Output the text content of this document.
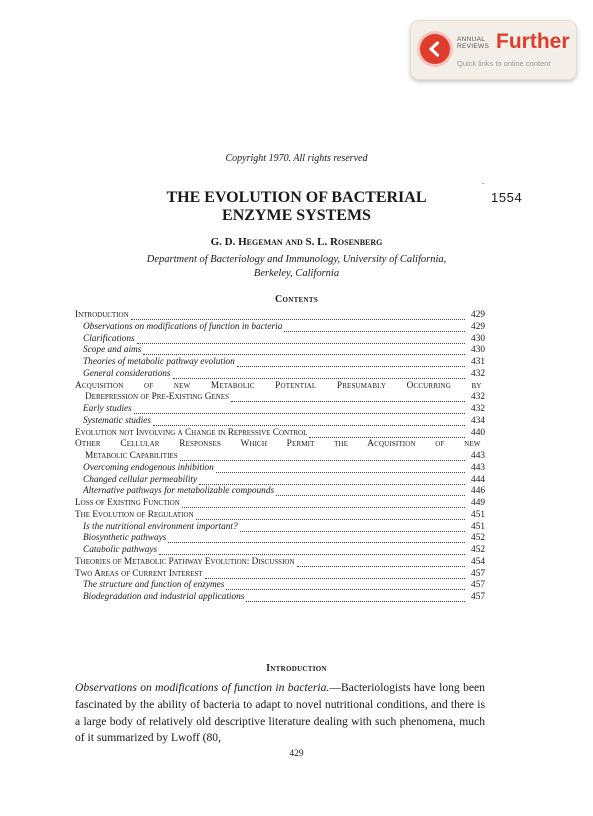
ANNUAL
REVIEWS Further
Quick links to online content
Copyright 1970. All rights reserved
-
1554
THE EVOLUTION OF BACTERIAL

ENZYME SYSTEMS
G. D. Hegeman and S. L. Rosenberg
Department of Bacteriology and Immunology, University of California,
Berkeley, California
Contents
Introduction	429
Observations on modifications of function in bacteria	429
Clarifications	430
Scope and aims	430
Theories of metabolic pathway evolution	431
General considerations	432
Acquisition of new Metabolic Potential Presumably Occurring by
Derepression of Pre-Existing Genes	432
Early studies	432
Systematic studies	434
Evolution not Involving a Change in Repressive Control	440
Other Cellular Responses Which Permit the Acquisition of new
Metabolic Capabilities	443
Overcoming endogenous inhibition	443
Changed cellular permeability	444
Alternative pathways for metabolizable compounds	446
Loss of Existing Function	449
The Evolution of Regulation	451
Is the nutritional environment important?	451
Biosynthetic pathways	452
Catabolic pathways	452
Theories of Metabolic Pathway Evolution: Discussion	454
Two Areas of Current Interest	457
The structure and function of enzymes	457
Biodegradation and industrial applications	457
Introduction

Observations on modifications of function in bacteria.—Bacteriologists have long been fascinated by the ability of bacteria to adapt to novel nutritional conditions, and there is a large body of relatively old descriptive literature dealing with such phenomena, much of it summarized by Lwoff (80,

429
